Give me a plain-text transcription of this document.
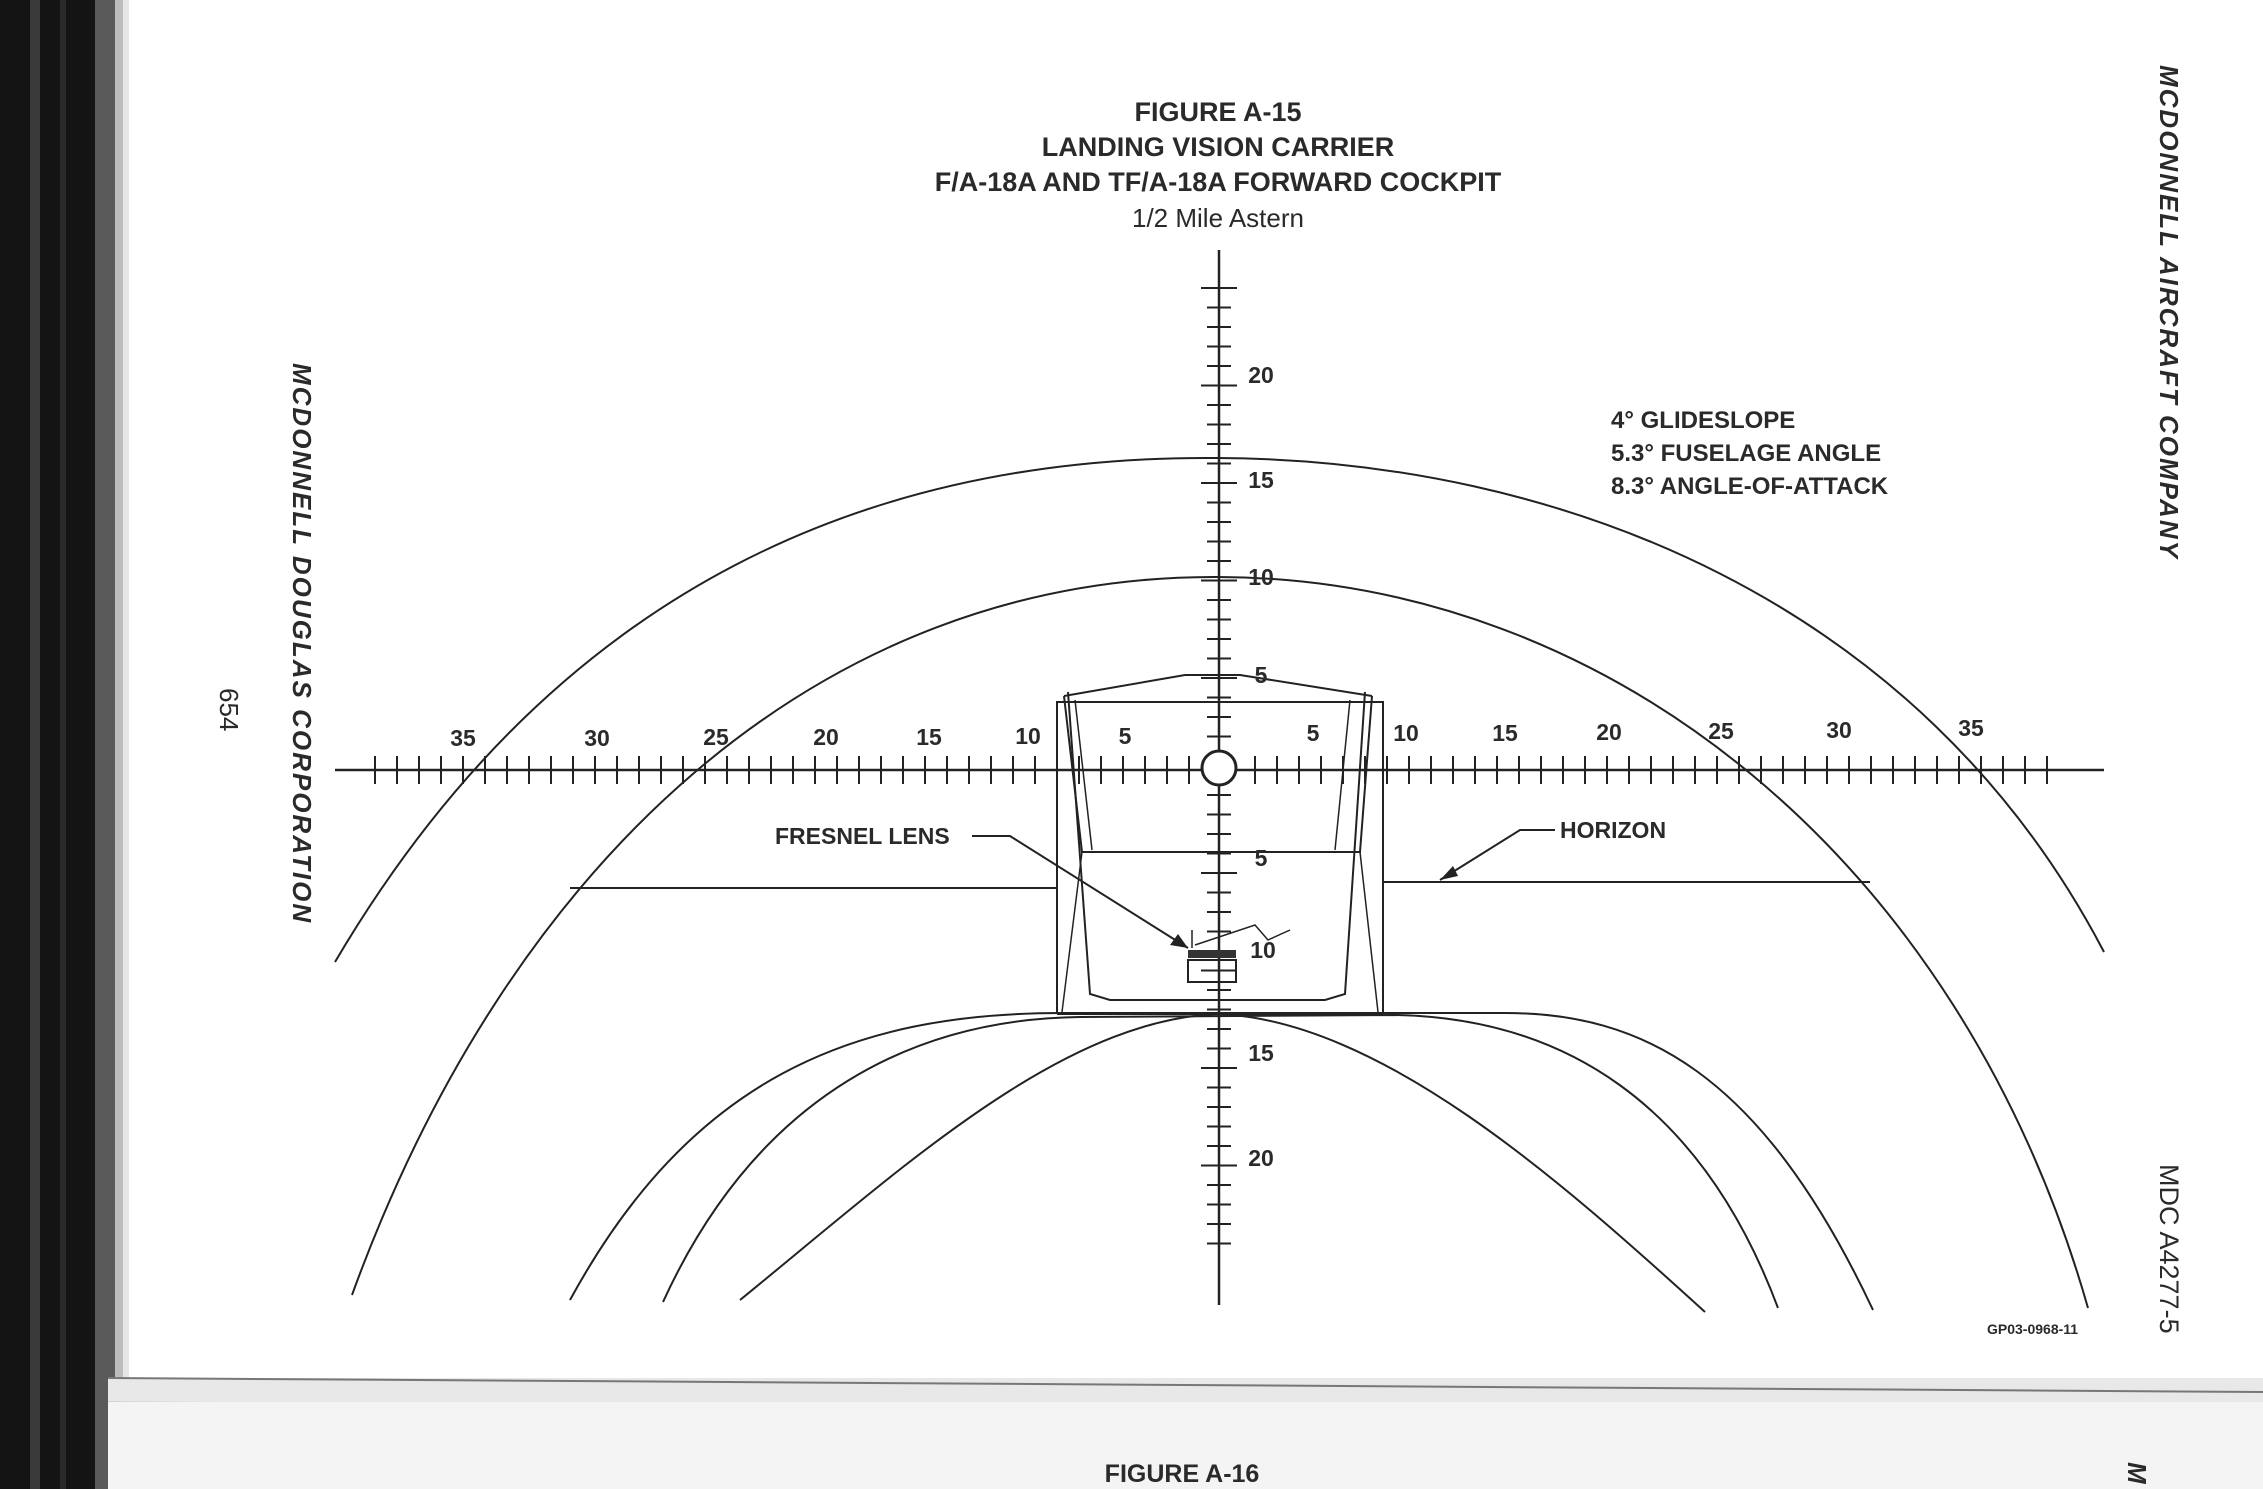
FIGURE A-15
LANDING VISION CARRIER
F/A-18A AND TF/A-18A FORWARD COCKPIT
1/2 Mile Astern
35	30	25	20	15	10	5	5	10	15	20	25	30	35
5
10
15
20
5
10
15
20
FRESNEL LENS	HORIZON
4° GLIDESLOPE
5.3° FUSELAGE ANGLE
8.3° ANGLE-OF-ATTACK
MCDONNELL DOUGLAS CORPORATION
MCDONNELL AIRCRAFT COMPANY
654
MDC A4277-5
GP03-0968-11
FIGURE A-16	M
